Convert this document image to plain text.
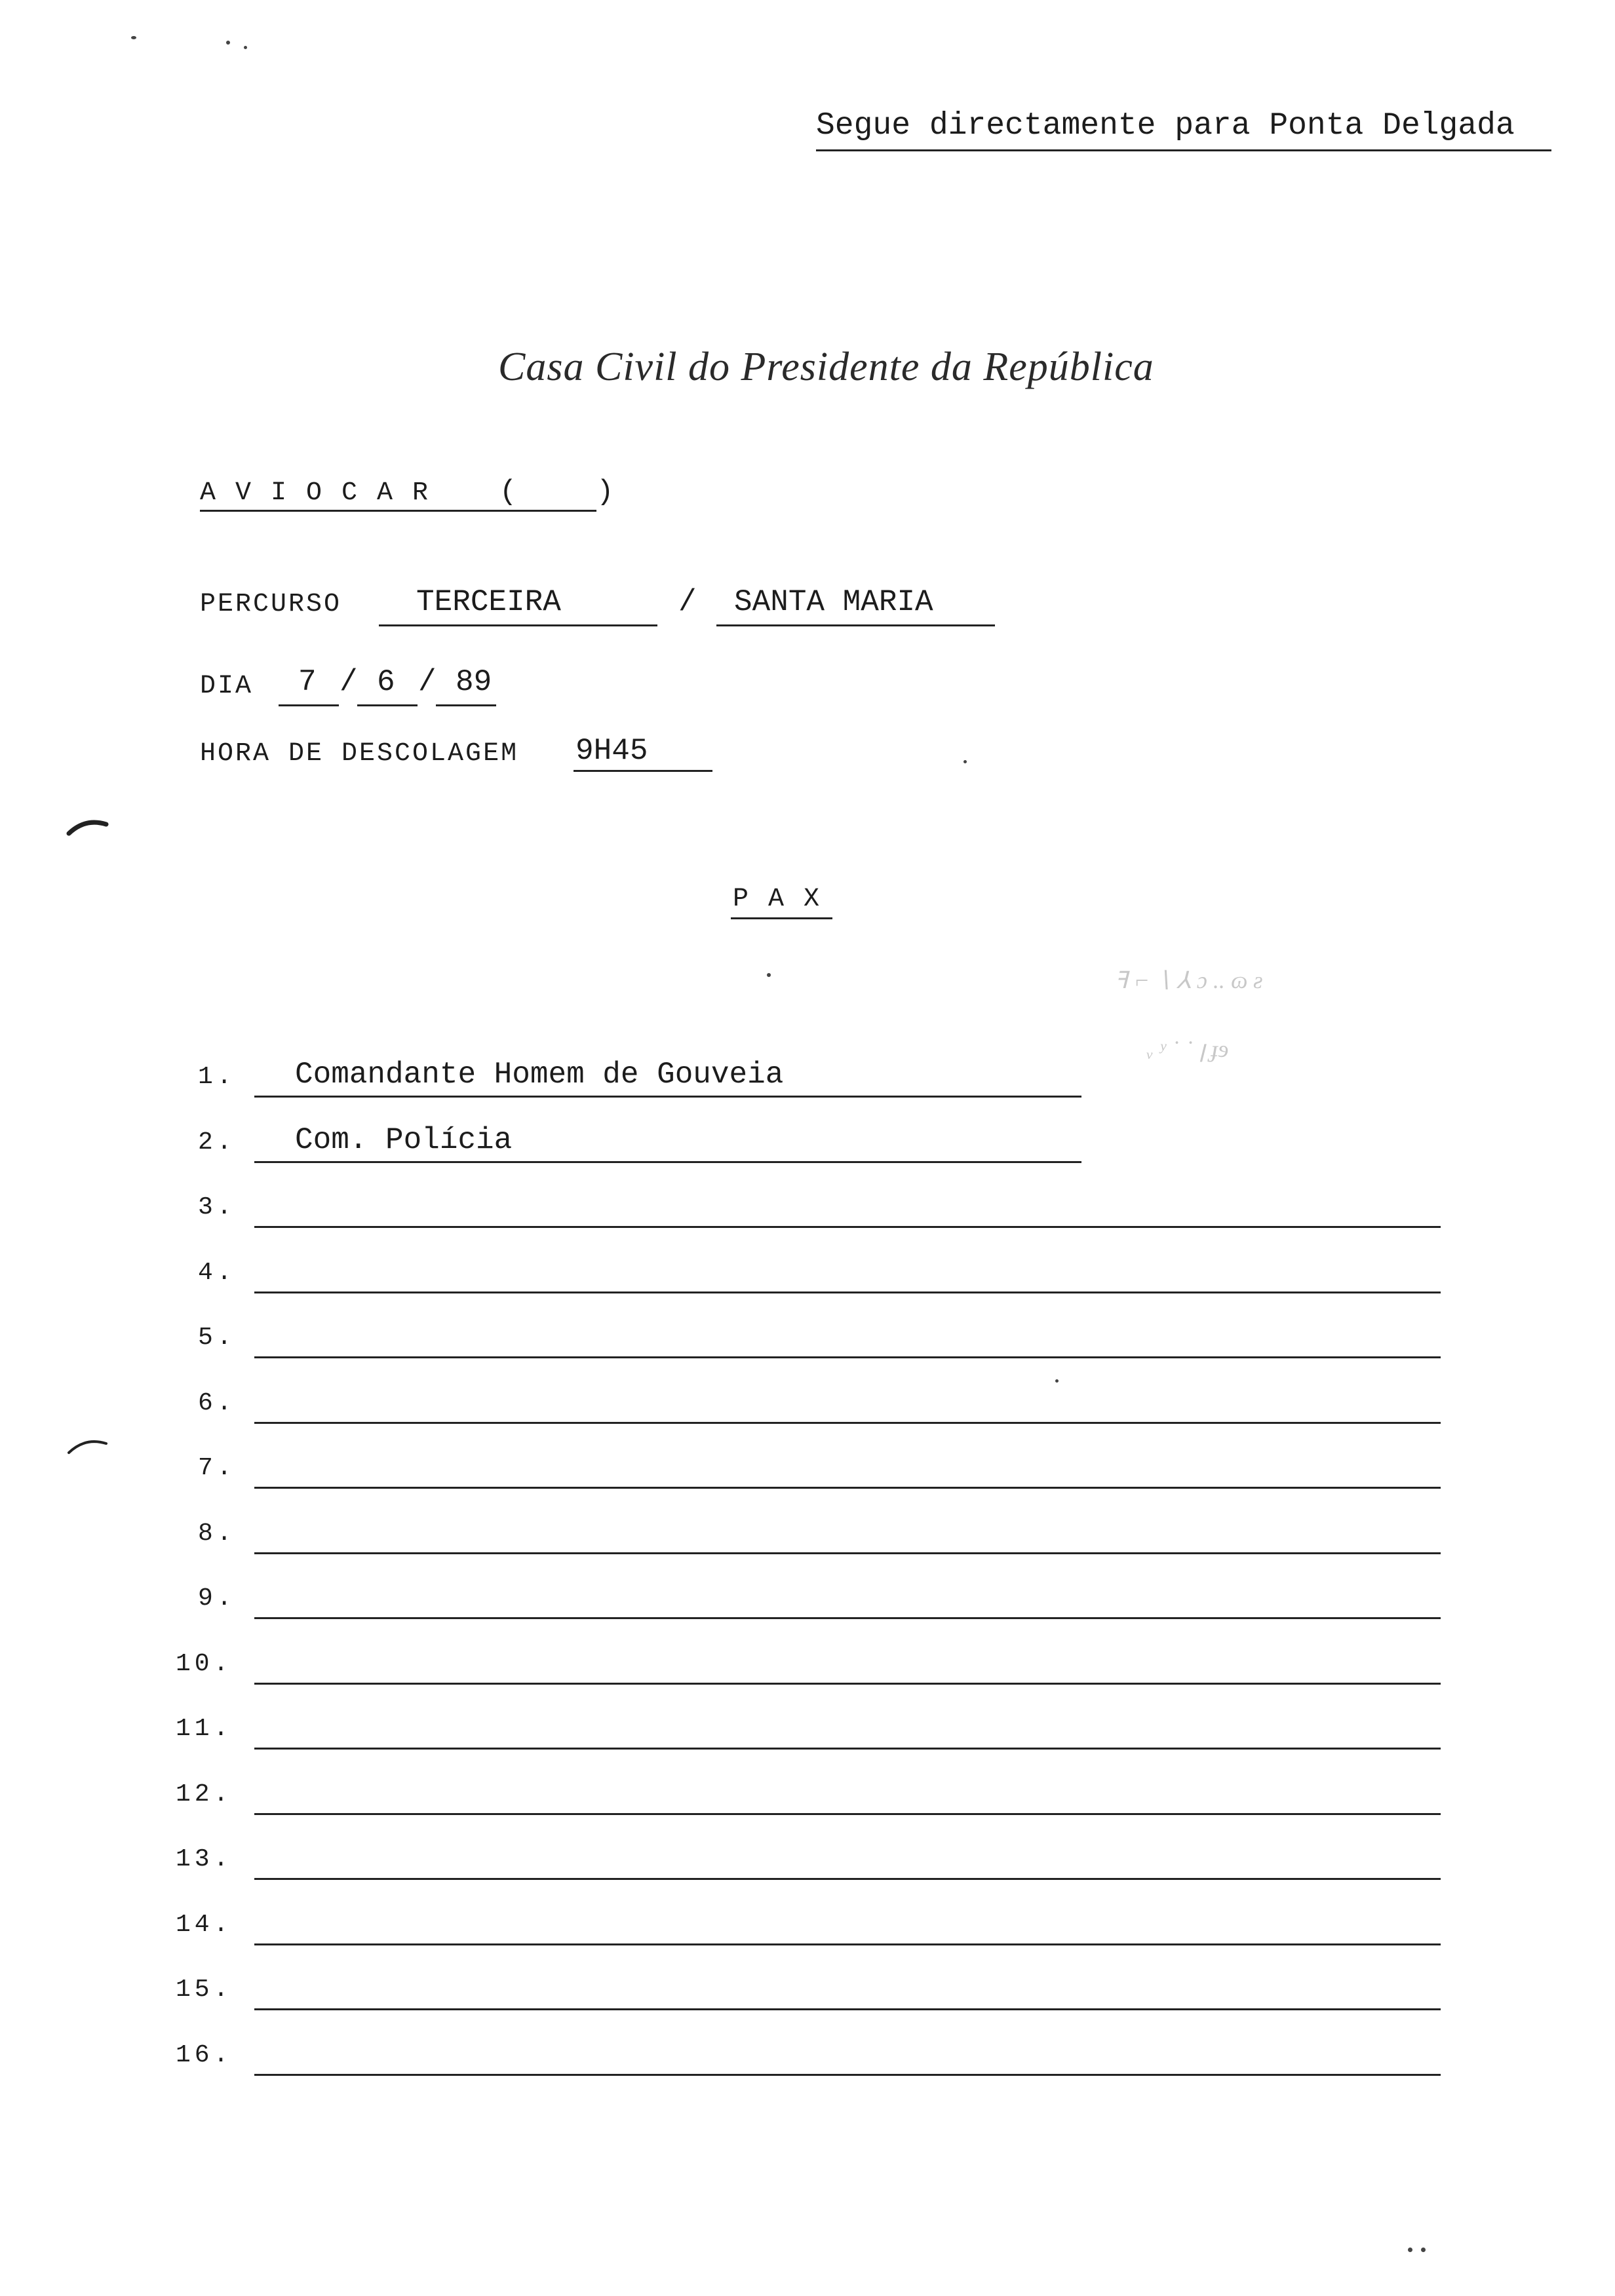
Segue directamente para Ponta Delgada
Casa Civil do Presidente da República
A V I O C A R (	)
PERCURSO TERCEIRA	/ SANTA MARIA
DIA 7 / 6 / 89
HORA DE DESCOLAGEM 9H45
P A X
1. Comandante Homem de Gouveia
2. Com. Polícia
3.
4.
5.
6.
7.
8.
9.
10.
11.
12.
13.
14.
15.
16.
ꟻ ⌐ ∖ ⅄ ɔ .. ɷ ƨ
ᵥ ʸ ˙ ˙ ꞁ ɟɘ
